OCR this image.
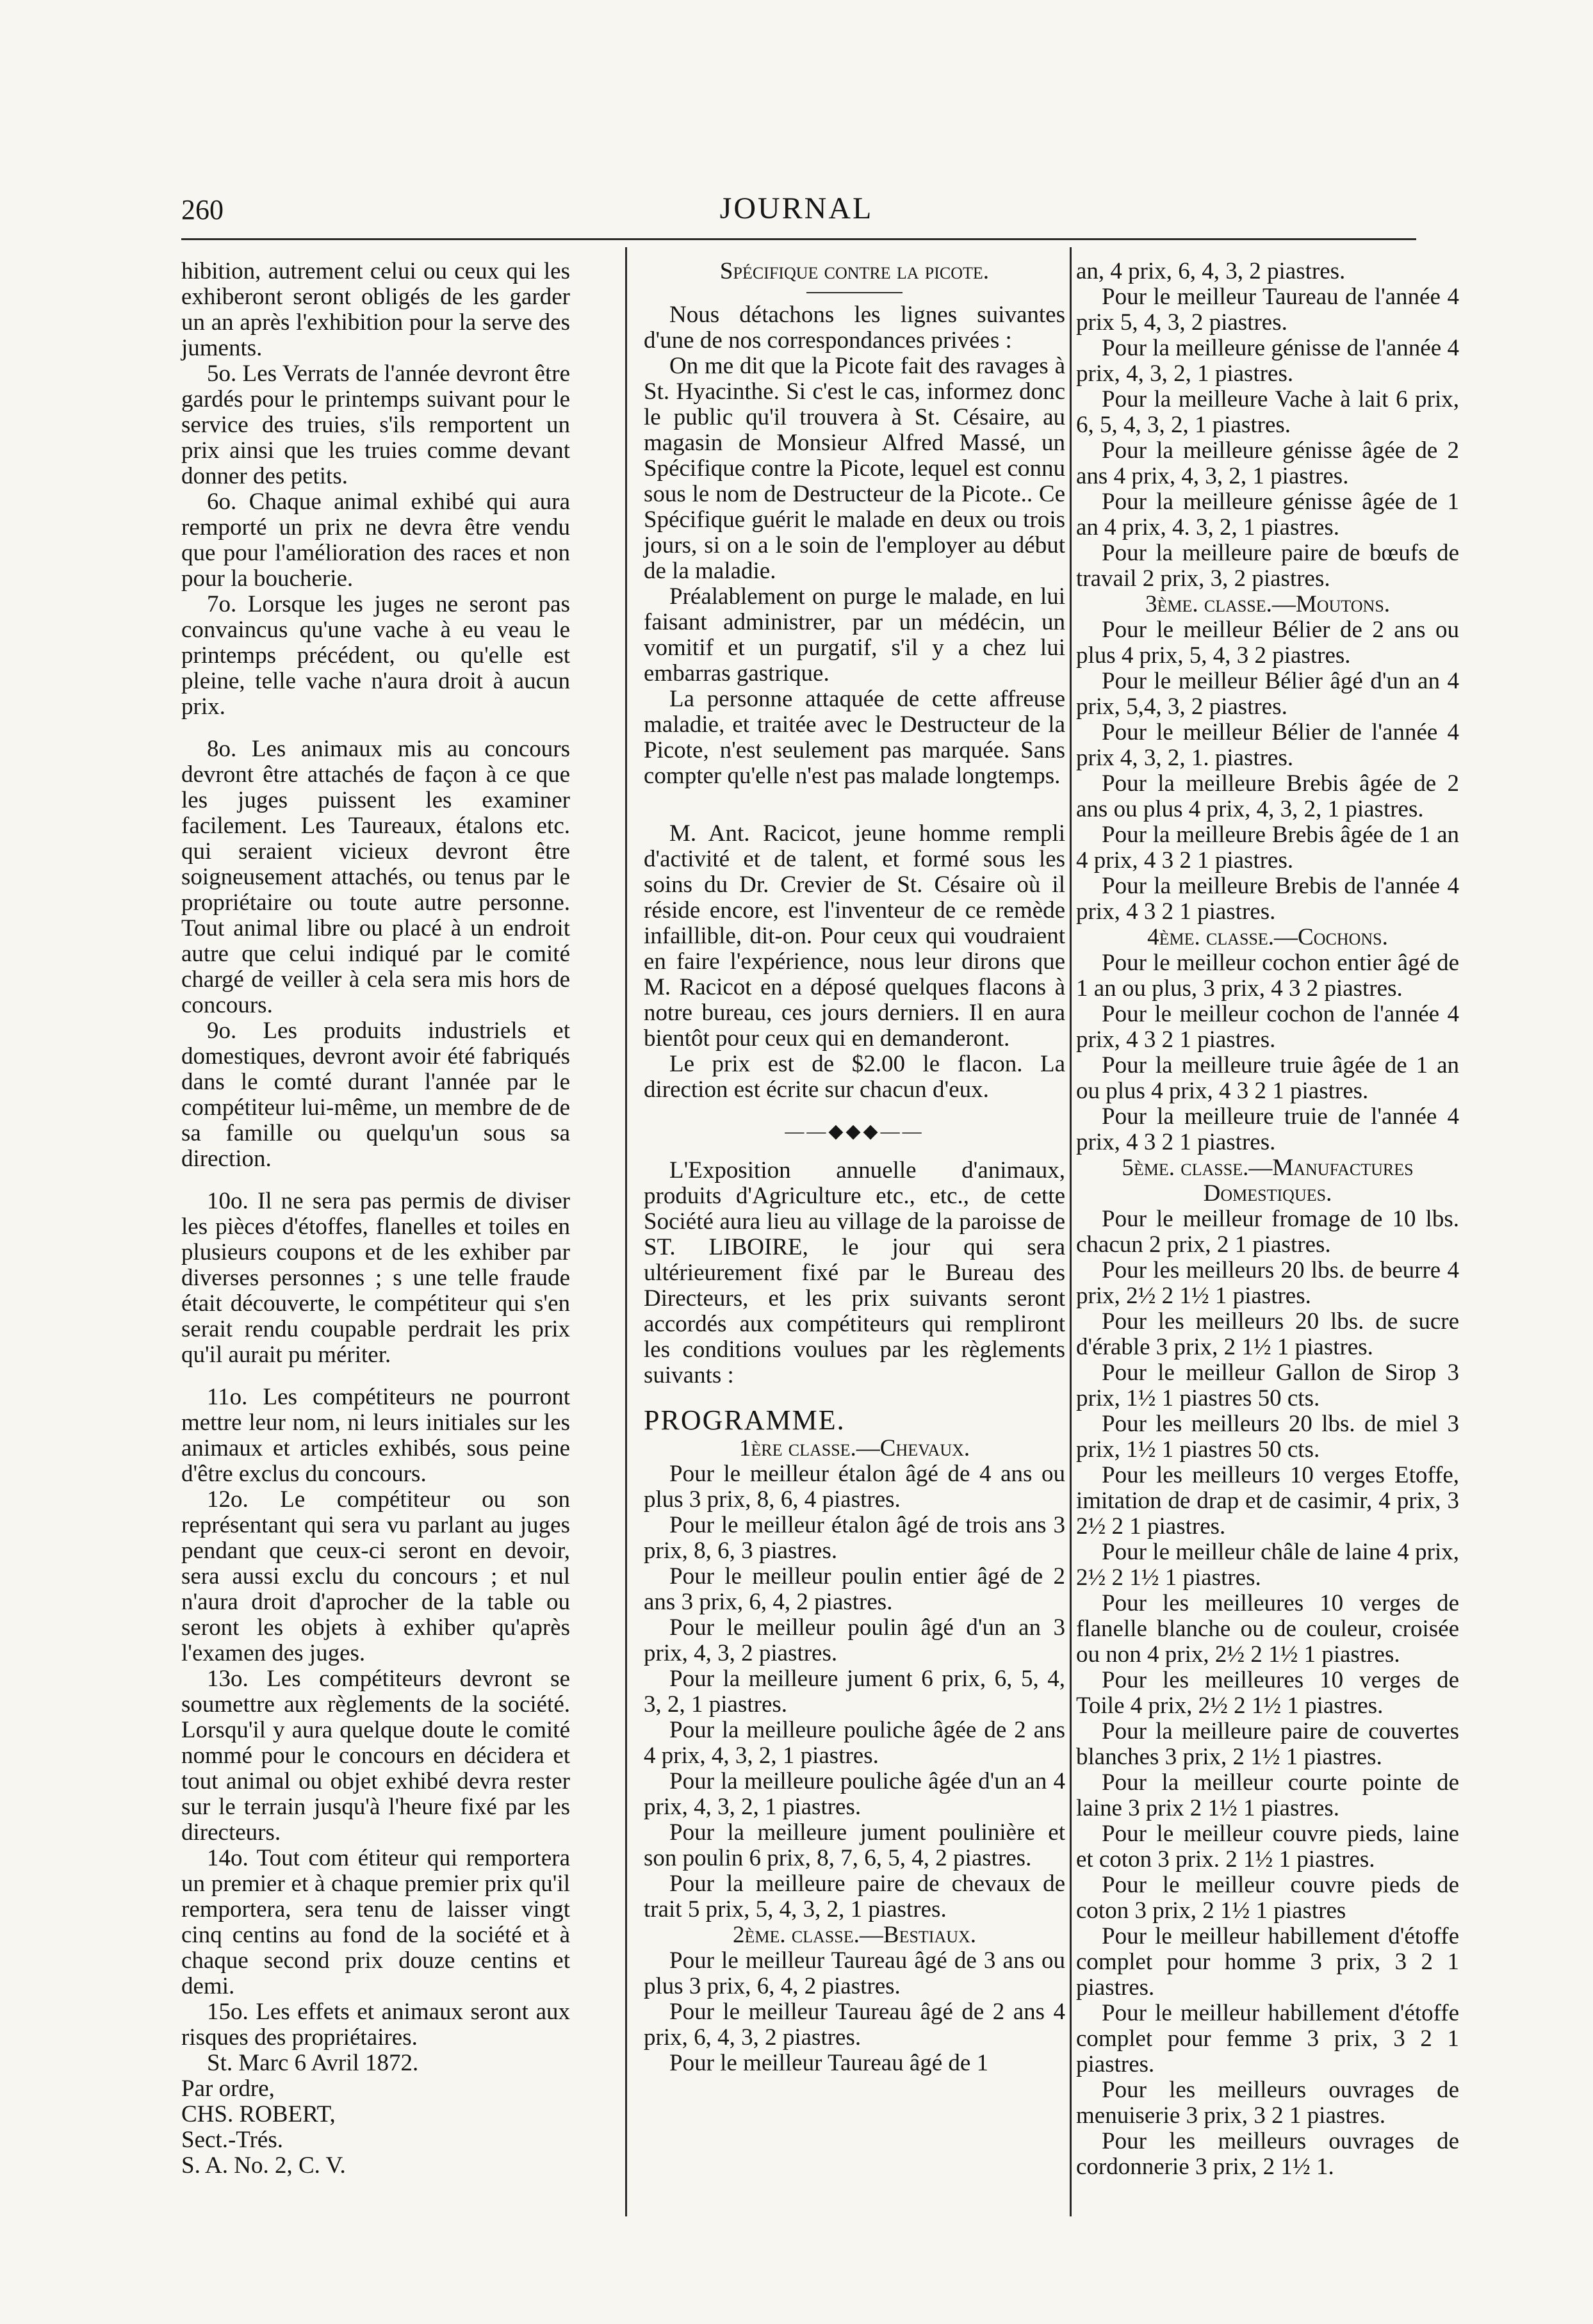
260	JOURNAL

hibition, autrement celui ou ceux qui les exhiberont seront obligés de les garder un an après l'exhibition pour la serve des juments.

5o. Les Verrats de l'année devront être gardés pour le printemps suivant pour le service des truies, s'ils remportent un prix ainsi que les truies comme devant donner des petits.

6o. Chaque animal exhibé qui aura remporté un prix ne devra être vendu que pour l'amélioration des races et non pour la boucherie.

7o. Lorsque les juges ne seront pas convaincus qu'une vache à eu veau le printemps précédent, ou qu'elle est pleine, telle vache n'aura droit à aucun prix.

8o. Les animaux mis au concours devront être attachés de façon à ce que les juges puissent les examiner facilement. Les Taureaux, étalons etc. qui seraient vicieux devront être soigneusement attachés, ou tenus par le propriétaire ou toute autre personne. Tout animal libre ou placé à un endroit autre que celui indiqué par le comité chargé de veiller à cela sera mis hors de concours.

9o. Les produits industriels et domestiques, devront avoir été fabriqués dans le comté durant l'année par le compétiteur lui-même, un membre de de sa famille ou quelqu'un sous sa direction.

10o. Il ne sera pas permis de diviser les pièces d'étoffes, flanelles et toiles en plusieurs coupons et de les exhiber par diverses personnes ; s une telle fraude était découverte, le compétiteur qui s'en serait rendu coupable perdrait les prix qu'il aurait pu mériter.

11o. Les compétiteurs ne pourront mettre leur nom, ni leurs initiales sur les animaux et articles exhibés, sous peine d'être exclus du concours.

12o. Le compétiteur ou son représentant qui sera vu parlant au juges pendant que ceux-ci seront en devoir, sera aussi exclu du concours ; et nul n'aura droit d'aprocher de la table ou seront les objets à exhiber qu'après l'examen des juges.

13o. Les compétiteurs devront se soumettre aux règlements de la société. Lorsqu'il y aura quelque doute le comité nommé pour le concours en décidera et tout animal ou objet exhibé devra rester sur le terrain jusqu'à l'heure fixé par les directeurs.

14o. Tout com étiteur qui remportera un premier et à chaque premier prix qu'il remportera, sera tenu de laisser vingt cinq centins au fond de la société et à chaque second prix douze centins et demi.

15o. Les effets et animaux seront aux risques des propriétaires.

St. Marc 6 Avril 1872.

Par ordre,

CHS. ROBERT,

Sect.-Trés.

S. A. No. 2, C. V.

Spécifique contre la picote.

Nous détachons les lignes suivantes d'une de nos correspondances privées :

On me dit que la Picote fait des ravages à St. Hyacinthe. Si c'est le cas, informez donc le public qu'il trouvera à St. Césaire, au magasin de Monsieur Alfred Massé, un Spécifique contre la Picote, lequel est connu sous le nom de Destructeur de la Picote.. Ce Spécifique guérit le malade en deux ou trois jours, si on a le soin de l'employer au début de la maladie.

Préalablement on purge le malade, en lui faisant administrer, par un médécin, un vomitif et un purgatif, s'il y a chez lui embarras gastrique.

La personne attaquée de cette affreuse maladie, et traitée avec le Destructeur de la Picote, n'est seulement pas marquée. Sans compter qu'elle n'est pas malade longtemps.

M. Ant. Racicot, jeune homme rempli d'activité et de talent, et formé sous les soins du Dr. Crevier de St. Césaire où il réside encore, est l'inventeur de ce remède infaillible, dit-on. Pour ceux qui voudraient en faire l'expérience, nous leur dirons que M. Racicot en a déposé quelques flacons à notre bureau, ces jours derniers. Il en aura bientôt pour ceux qui en demanderont.

Le prix est de $2.00 le flacon. La direction est écrite sur chacun d'eux.

——◆◆◆——

L'Exposition annuelle d'animaux, produits d'Agriculture etc., etc., de cette Société aura lieu au village de la paroisse de ST. LIBOIRE, le jour qui sera ultérieurement fixé par le Bureau des Directeurs, et les prix suivants seront accordés aux compétiteurs qui rempliront les conditions voulues par les règlements suivants :

PROGRAMME.

1ère classe.—Chevaux.

Pour le meilleur étalon âgé de 4 ans ou plus 3 prix, 8, 6, 4 piastres.

Pour le meilleur étalon âgé de trois ans 3 prix, 8, 6, 3 piastres.

Pour le meilleur poulin entier âgé de 2 ans 3 prix, 6, 4, 2 piastres.

Pour le meilleur poulin âgé d'un an 3 prix, 4, 3, 2 piastres.

Pour la meilleure jument 6 prix, 6, 5, 4, 3, 2, 1 piastres.

Pour la meilleure pouliche âgée de 2 ans 4 prix, 4, 3, 2, 1 piastres.

Pour la meilleure pouliche âgée d'un an 4 prix, 4, 3, 2, 1 piastres.

Pour la meilleure jument poulinière et son poulin 6 prix, 8, 7, 6, 5, 4, 2 piastres.

Pour la meilleure paire de chevaux de trait 5 prix, 5, 4, 3, 2, 1 piastres.

2ème. classe.—Bestiaux.

Pour le meilleur Taureau âgé de 3 ans ou plus 3 prix, 6, 4, 2 piastres.

Pour le meilleur Taureau âgé de 2 ans 4 prix, 6, 4, 3, 2 piastres.

Pour le meilleur Taureau âgé de 1

an, 4 prix, 6, 4, 3, 2 piastres.

Pour le meilleur Taureau de l'année 4 prix 5, 4, 3, 2 piastres.

Pour la meilleure génisse de l'année 4 prix, 4, 3, 2, 1 piastres.

Pour la meilleure Vache à lait 6 prix, 6, 5, 4, 3, 2, 1 piastres.

Pour la meilleure génisse âgée de 2 ans 4 prix, 4, 3, 2, 1 piastres.

Pour la meilleure génisse âgée de 1 an 4 prix, 4. 3, 2, 1 piastres.

Pour la meilleure paire de bœufs de travail 2 prix, 3, 2 piastres.

3ème. classe.—Moutons.

Pour le meilleur Bélier de 2 ans ou plus 4 prix, 5, 4, 3 2 piastres.

Pour le meilleur Bélier âgé d'un an 4 prix, 5,4, 3, 2 piastres.

Pour le meilleur Bélier de l'année 4 prix 4, 3, 2, 1. piastres.

Pour la meilleure Brebis âgée de 2 ans ou plus 4 prix, 4, 3, 2, 1 piastres.

Pour la meilleure Brebis âgée de 1 an 4 prix, 4 3 2 1 piastres.

Pour la meilleure Brebis de l'année 4 prix, 4 3 2 1 piastres.

4ème. classe.—Cochons.

Pour le meilleur cochon entier âgé de 1 an ou plus, 3 prix, 4 3 2 piastres.

Pour le meilleur cochon de l'année 4 prix, 4 3 2 1 piastres.

Pour la meilleure truie âgée de 1 an ou plus 4 prix, 4 3 2 1 piastres.

Pour la meilleure truie de l'année 4 prix, 4 3 2 1 piastres.

5ème. classe.—Manufactures Domestiques.

Pour le meilleur fromage de 10 lbs. chacun 2 prix, 2 1 piastres.

Pour les meilleurs 20 lbs. de beurre 4 prix, 2½ 2 1½ 1 piastres.

Pour les meilleurs 20 lbs. de sucre d'érable 3 prix, 2 1½ 1 piastres.

Pour le meilleur Gallon de Sirop 3 prix, 1½ 1 piastres 50 cts.

Pour les meilleurs 20 lbs. de miel 3 prix, 1½ 1 piastres 50 cts.

Pour les meilleurs 10 verges Etoffe, imitation de drap et de casimir, 4 prix, 3 2½ 2 1 piastres.

Pour le meilleur châle de laine 4 prix, 2½ 2 1½ 1 piastres.

Pour les meilleures 10 verges de flanelle blanche ou de couleur, croisée ou non 4 prix, 2½ 2 1½ 1 piastres.

Pour les meilleures 10 verges de Toile 4 prix, 2½ 2 1½ 1 piastres.

Pour la meilleure paire de couvertes blanches 3 prix, 2 1½ 1 piastres.

Pour la meilleur courte pointe de laine 3 prix 2 1½ 1 piastres.

Pour le meilleur couvre pieds, laine et coton 3 prix. 2 1½ 1 piastres.

Pour le meilleur couvre pieds de coton 3 prix, 2 1½ 1 piastres

Pour le meilleur habillement d'étoffe complet pour homme 3 prix, 3 2 1 piastres.

Pour le meilleur habillement d'étoffe complet pour femme 3 prix, 3 2 1 piastres.

Pour les meilleurs ouvrages de menuiserie 3 prix, 3 2 1 piastres.

Pour les meilleurs ouvrages de cordonnerie 3 prix, 2 1½ 1.
